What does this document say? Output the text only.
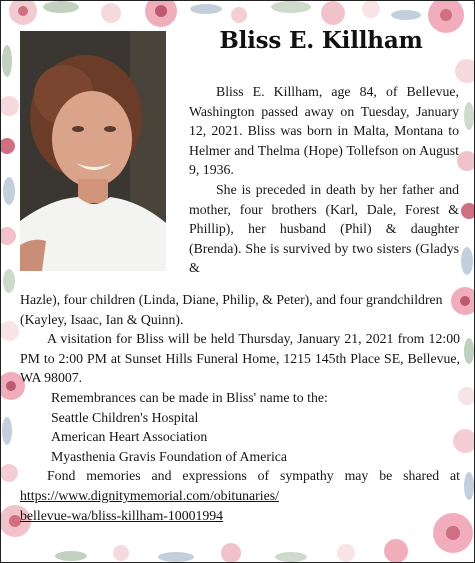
Bliss E. Killham

Bliss E. Killham, age 84, of Bellevue, Washington passed away on Tuesday, January 12, 2021. Bliss was born in Malta, Montana to Helmer and Thelma (Hope) Tollefson on August 9, 1936.

She is preceded in death by her father and mother, four brothers (Karl, Dale, Forest & Phillip), her husband (Phil) & daughter (Brenda). She is survived by two sisters (Gladys &

Hazle), four children (Linda, Diane, Philip, & Peter), and four grandchildren (Kayley, Isaac, Ian & Quinn).

A visitation for Bliss will be held Thursday, January 21, 2021 from 12:00 PM to 2:00 PM at Sunset Hills Funeral Home, 1215 145th Place SE, Bellevue, WA 98007.

Remembrances can be made in Bliss' name to the:

Seattle Children's Hospital

American Heart Association

Myasthenia Gravis Foundation of America

Fond memories and expressions of sympathy may be shared at https://www.dignitymemorial.com/obitunaries/
bellevue-wa/bliss-killham-10001994
